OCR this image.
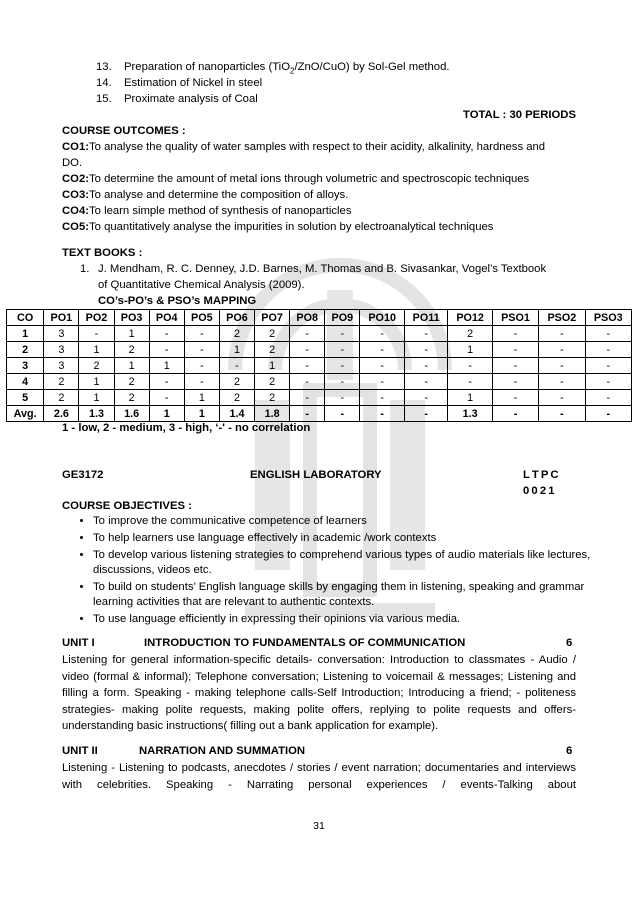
13. Preparation of nanoparticles (TiO$_2$/ZnO/CuO) by Sol-Gel method.
14. Estimation of Nickel in steel
15. Proximate analysis of Coal
TOTAL : 30 PERIODS
COURSE OUTCOMES :
CO1:To analyse the quality of water samples with respect to their acidity, alkalinity, hardness and
DO.
CO2:To determine the amount of metal ions through volumetric and spectroscopic techniques
CO3:To analyse and determine the composition of alloys.
CO4:To learn simple method of synthesis of nanoparticles
CO5:To quantitatively analyse the impurities in solution by electroanalytical techniques
TEXT BOOKS :
1. J. Mendham, R. C. Denney, J.D. Barnes, M. Thomas and B. Sivasankar, Vogel’s Textbook
of Quantitative Chemical Analysis (2009).
CO’s-PO’s & PSO’s MAPPING
CO	PO1	PO2	PO3	PO4	PO5	PO6	PO7	PO8	PO9	PO10	PO11	PO12	PSO1	PSO2	PSO3
1	3	-	1	-	-	2	2	-	-	-	-	2	-	-	-
2	3	1	2	-	-	1	2	-	-	-	-	1	-	-	-
3	3	2	1	1	-	-	1	-	-	-	-	-	-	-	-
4	2	1	2	-	-	2	2	-	-	-	-	-	-	-	-
5	2	1	2	-	1	2	2	-	-	-	-	1	-	-	-
Avg.	2.6	1.3	1.6	1	1	1.4	1.8	-	-	-	-	1.3	-	-	-
1 - low, 2 - medium, 3 - high, ‘-' - no correlation
GE3172	ENGLISH LABORATORY	L T P C
0 0 2 1
COURSE OBJECTIVES :
• To improve the communicative competence of learners
• To help learners use language effectively in academic /work contexts
• To develop various listening strategies to comprehend various types of audio materials like lectures, discussions, videos etc.
• To build on students’ English language skills by engaging them in listening, speaking and grammar learning activities that are relevant to authentic contexts.
• To use language efficiently in expressing their opinions via various media.
UNIT I	INTRODUCTION TO FUNDAMENTALS OF COMMUNICATION	6
Listening for general information-specific details- conversation: Introduction to classmates - Audio / video (formal & informal); Telephone conversation; Listening to voicemail & messages; Listening and filling a form. Speaking - making telephone calls-Self Introduction; Introducing a friend; - politeness strategies- making polite requests, making polite offers, replying to polite requests and offers- understanding basic instructions( filling out a bank application for example).
UNIT II	NARRATION AND SUMMATION	6
Listening - Listening to podcasts, anecdotes / stories / event narration; documentaries and interviews with celebrities. Speaking - Narrating personal experiences / events-Talking about
31
